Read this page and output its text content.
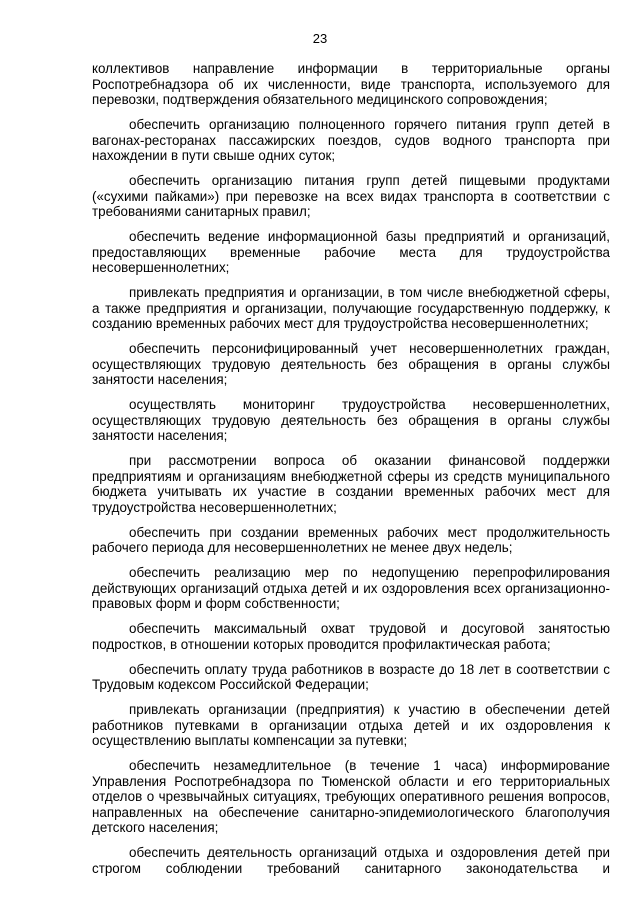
23

коллективов направление информации в территориальные органы Роспотребнадзора об их численности, виде транспорта, используемого для перевозки, подтверждения обязательного медицинского сопровождения;

обеспечить организацию полноценного горячего питания групп детей в вагонах-ресторанах пассажирских поездов, судов водного транспорта при нахождении в пути свыше одних суток;

обеспечить организацию питания групп детей пищевыми продуктами («сухими пайками») при перевозке на всех видах транспорта в соответствии с требованиями санитарных правил;

обеспечить ведение информационной базы предприятий и организаций, предоставляющих временные рабочие места для трудоустройства несовершеннолетних;

привлекать предприятия и организации, в том числе внебюджетной сферы, а также предприятия и организации, получающие государственную поддержку, к созданию временных рабочих мест для трудоустройства несовершеннолетних;

обеспечить персонифицированный учет несовершеннолетних граждан, осуществляющих трудовую деятельность без обращения в органы службы занятости населения;

осуществлять мониторинг трудоустройства несовершеннолетних, осуществляющих трудовую деятельность без обращения в органы службы занятости населения;

при рассмотрении вопроса об оказании финансовой поддержки предприятиям и организациям внебюджетной сферы из средств муниципального бюджета учитывать их участие в создании временных рабочих мест для трудоустройства несовершеннолетних;

обеспечить при создании временных рабочих мест продолжительность рабочего периода для несовершеннолетних не менее двух недель;

обеспечить реализацию мер по недопущению перепрофилирования действующих организаций отдыха детей и их оздоровления всех организационно-правовых форм и форм собственности;

обеспечить максимальный охват трудовой и досуговой занятостью подростков, в отношении которых проводится профилактическая работа;

обеспечить оплату труда работников в возрасте до 18 лет в соответствии с Трудовым кодексом Российской Федерации;

привлекать организации (предприятия) к участию в обеспечении детей работников путевками в организации отдыха детей и их оздоровления к осуществлению выплаты компенсации за путевки;

обеспечить незамедлительное (в течение 1 часа) информирование Управления Роспотребнадзора по Тюменской области и его территориальных отделов о чрезвычайных ситуациях, требующих оперативного решения вопросов, направленных на обеспечение санитарно-эпидемиологического благополучия детского населения;

обеспечить деятельность организаций отдыха и оздоровления детей при строгом соблюдении требований санитарного законодательства и
